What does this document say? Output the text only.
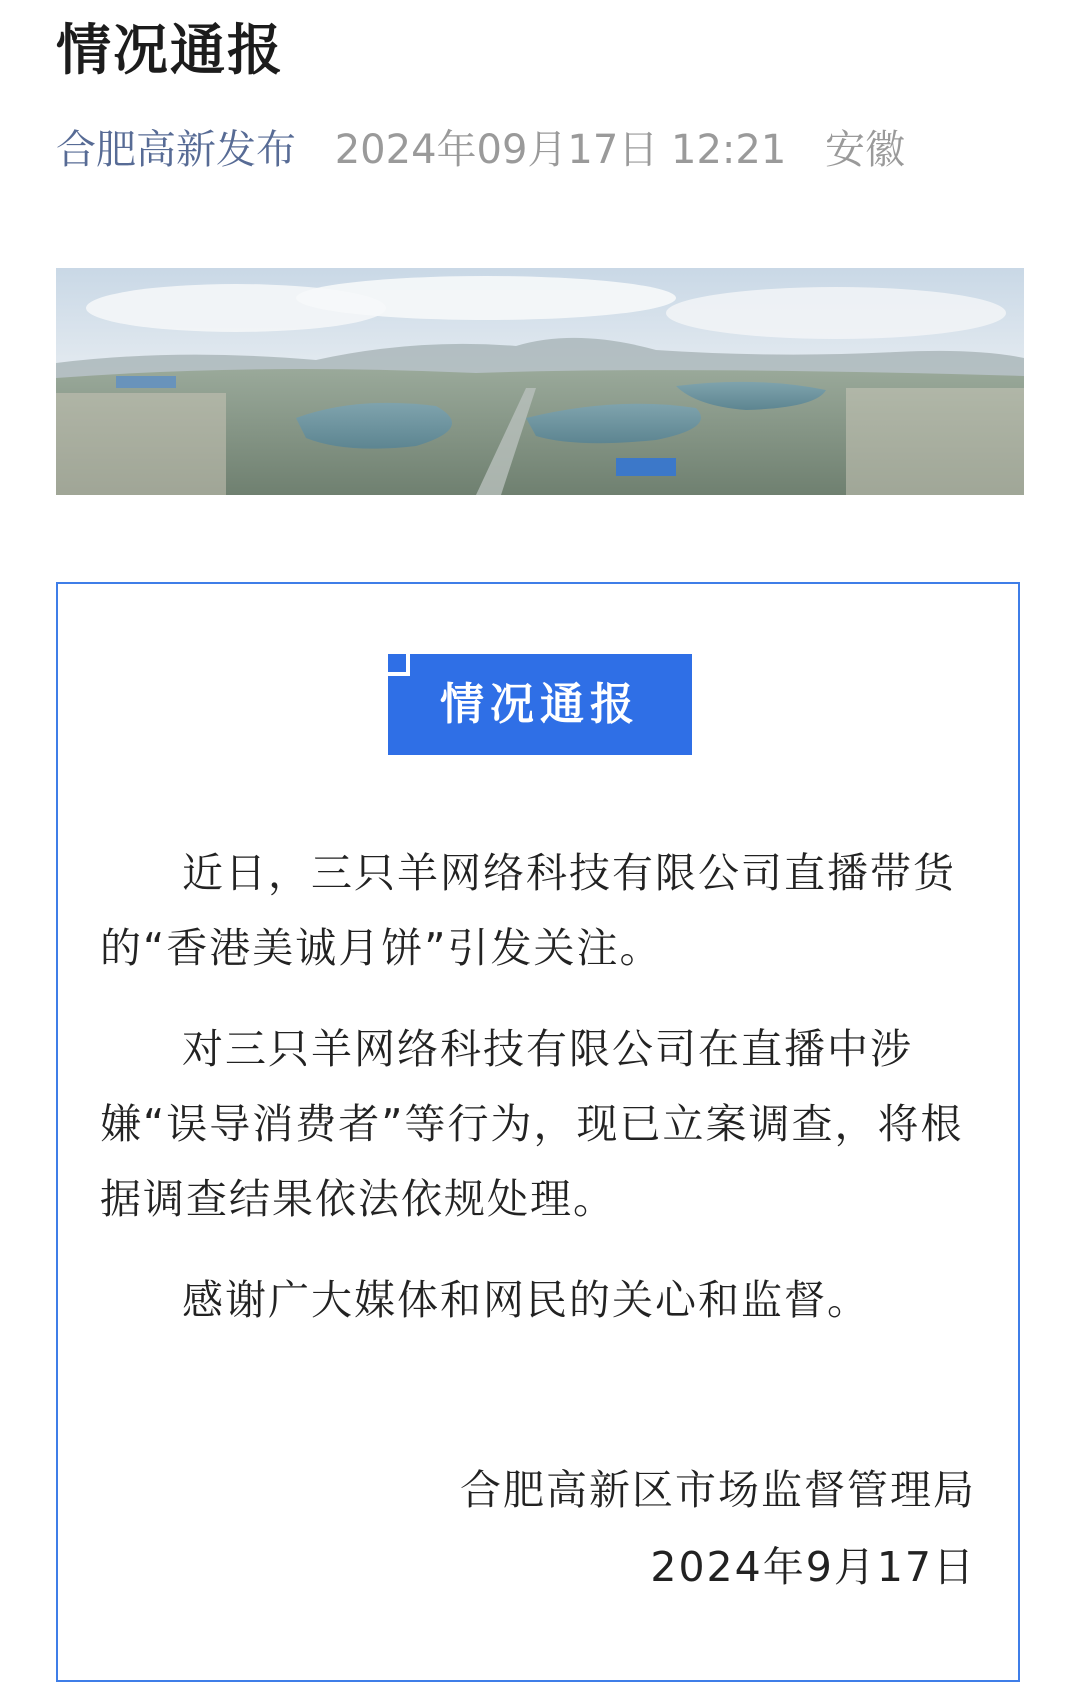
情况通报
合肥高新发布 2024年09月17日 12:21 安徽
情况通报

近日，三只羊网络科技有限公司直播带货的“香港美诚月饼”引发关注。

对三只羊网络科技有限公司在直播中涉嫌“误导消费者”等行为，现已立案调查，将根据调查结果依法依规处理。

感谢广大媒体和网民的关心和监督。

合肥高新区市场监督管理局
2024年9月17日
